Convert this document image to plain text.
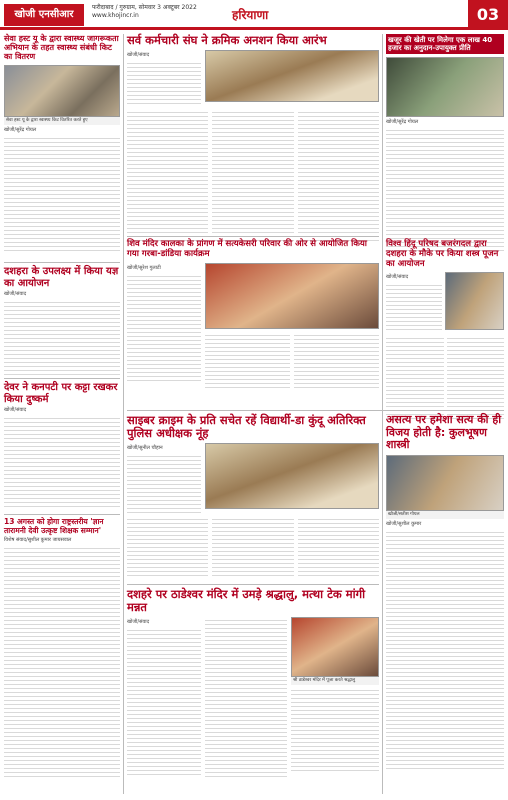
खोजी एनसीआर
फरीदाबाद / गुरुग्राम, सोमवार 3 अक्टूबर 2022
www.khojincr.in	हरियाणा	03
सेवा हस्ट यू के द्वारा स्वास्थ्य जागरूकता अभियान के तहत स्वास्थ्य संबंधी किट का वितरण
सेवा हस्ट यू के द्वारा स्वास्थ्य किट वितरित करते हुए
खोजी/सुरेंद्र गोयल
सर्व कर्मचारी संघ ने क्रमिक अनशन किया आरंभ
खोजी/संवाद
खजूर की खेती पर मिलेगा एक लाख 40 हजार का अनुदान-उपायुक्त प्रीति
खोजी/सुरेंद्र गोयल
दशहरा के उपलक्ष्य में किया यज्ञ का आयोजन
खोजी/संवाद
शिव मंदिर कालका के प्रांगण में सत्यकेसरी परिवार की ओर से आयोजित किया गया गरबा-डांडिया कार्यक्रम
खोजी/सुरेश गुलाटी
विश्व हिंदू परिषद बजरंगदल द्वारा दशहरा के मौके पर किया शस्त्र पूजन का आयोजन
खोजी/संवाद
देवर ने कनपटी पर कट्टा रखकर किया दुष्कर्म
खोजी/संवाद
13 अगस्त को होगा राष्ट्रस्तरीय 'ज्ञान तारामनी देवी उत्कृष्ट शिक्षक सम्मान'
विशेष संवाद/सुशील कुमार जायसवाल
साइबर क्राइम के प्रति सचेत रहें विद्यार्थी-डा कुंदू अतिरिक्त पुलिस अधीक्षक नूंह
खोजी/सुनील चौहान
असत्य पर हमेशा सत्य की ही विजय होती है: कुलभूषण शास्त्री
खोजी/सतीश गोयल
खोजी/सुशील कुमार
दशहरे पर ठाडेश्वर मंदिर में उमड़े श्रद्धालु, मत्था टेक मांगी मन्नत
खोजी/संवाद
श्री ठाडेश्वर मंदिर में पूजा करते श्रद्धालु
